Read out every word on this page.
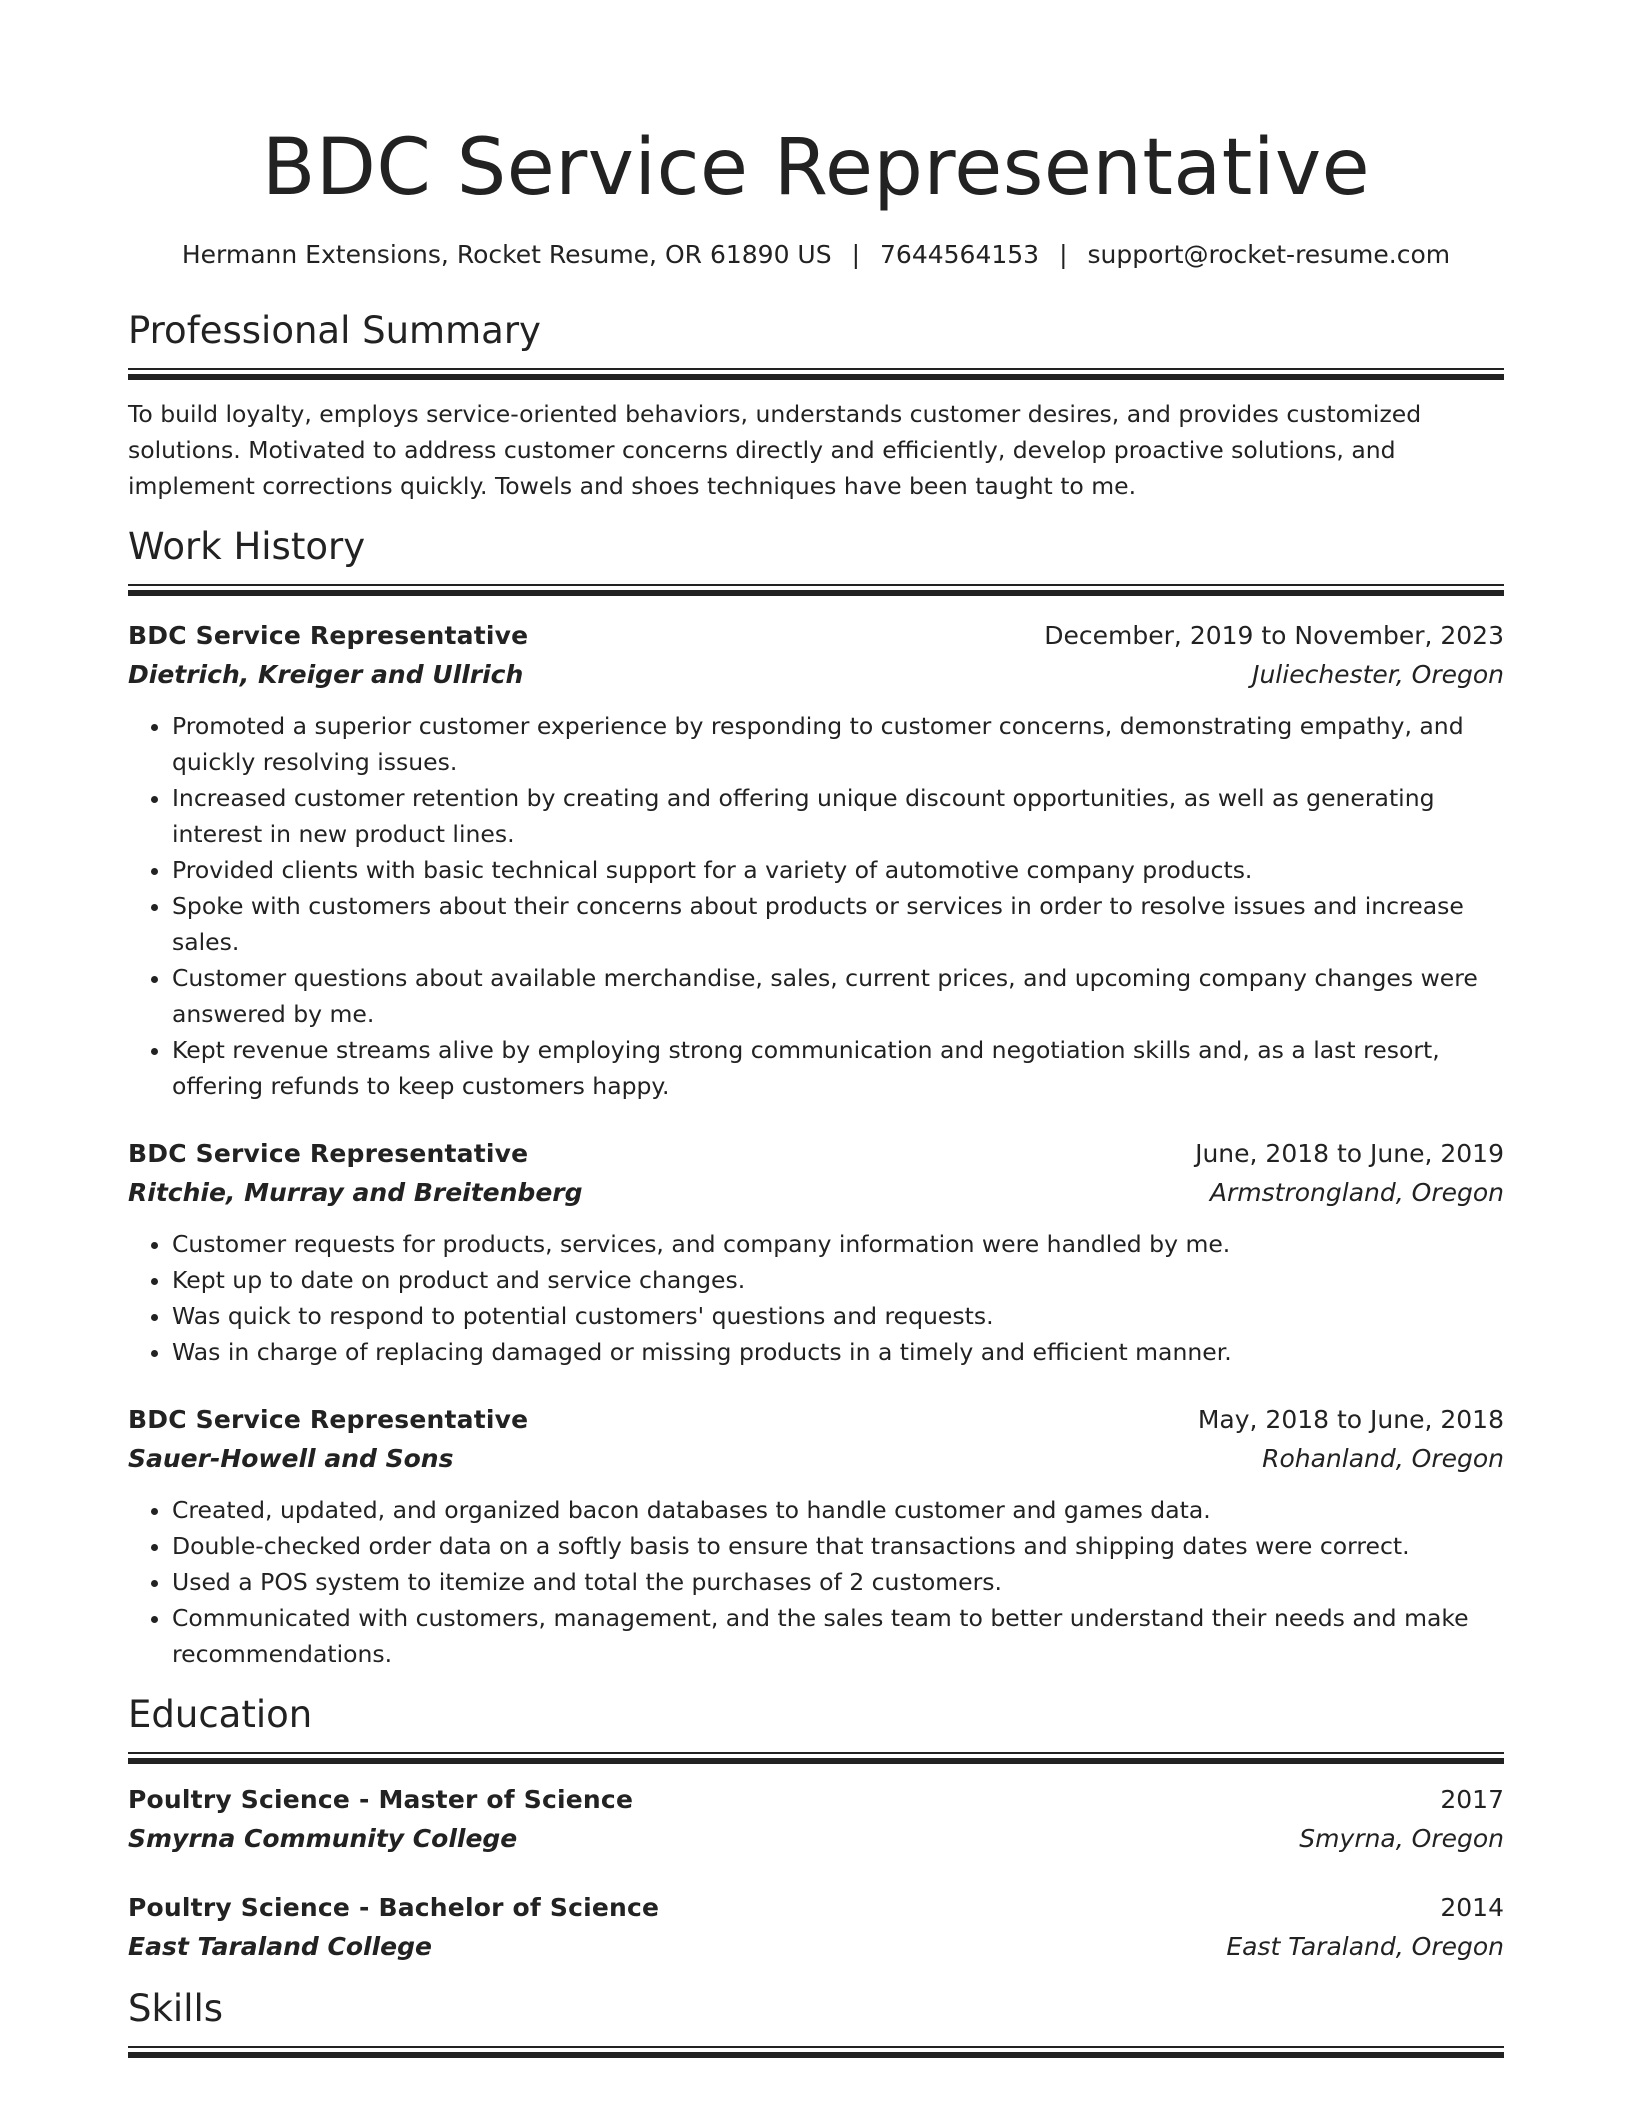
BDC Service Representative
Hermann Extensions, Rocket Resume, OR 61890 US | 7644564153 | support@rocket-resume.com
Professional Summary
To build loyalty, employs service-oriented behaviors, understands customer desires, and provides customized solutions. Motivated to address customer concerns directly and efficiently, develop proactive solutions, and implement corrections quickly. Towels and shoes techniques have been taught to me.
Work History
BDC Service Representative	December, 2019 to November, 2023
Dietrich, Kreiger and Ullrich	Juliechester, Oregon
• Promoted a superior customer experience by responding to customer concerns, demonstrating empathy, and quickly resolving issues.
• Increased customer retention by creating and offering unique discount opportunities, as well as generating interest in new product lines.
• Provided clients with basic technical support for a variety of automotive company products.
• Spoke with customers about their concerns about products or services in order to resolve issues and increase sales.
• Customer questions about available merchandise, sales, current prices, and upcoming company changes were answered by me.
• Kept revenue streams alive by employing strong communication and negotiation skills and, as a last resort, offering refunds to keep customers happy.
BDC Service Representative	June, 2018 to June, 2019
Ritchie, Murray and Breitenberg	Armstrongland, Oregon
• Customer requests for products, services, and company information were handled by me.
• Kept up to date on product and service changes.
• Was quick to respond to potential customers' questions and requests.
• Was in charge of replacing damaged or missing products in a timely and efficient manner.
BDC Service Representative	May, 2018 to June, 2018
Sauer-Howell and Sons	Rohanland, Oregon
• Created, updated, and organized bacon databases to handle customer and games data.
• Double-checked order data on a softly basis to ensure that transactions and shipping dates were correct.
• Used a POS system to itemize and total the purchases of 2 customers.
• Communicated with customers, management, and the sales team to better understand their needs and make recommendations.
Education
Poultry Science - Master of Science	2017
Smyrna Community College	Smyrna, Oregon
Poultry Science - Bachelor of Science	2014
East Taraland College	East Taraland, Oregon
Skills
